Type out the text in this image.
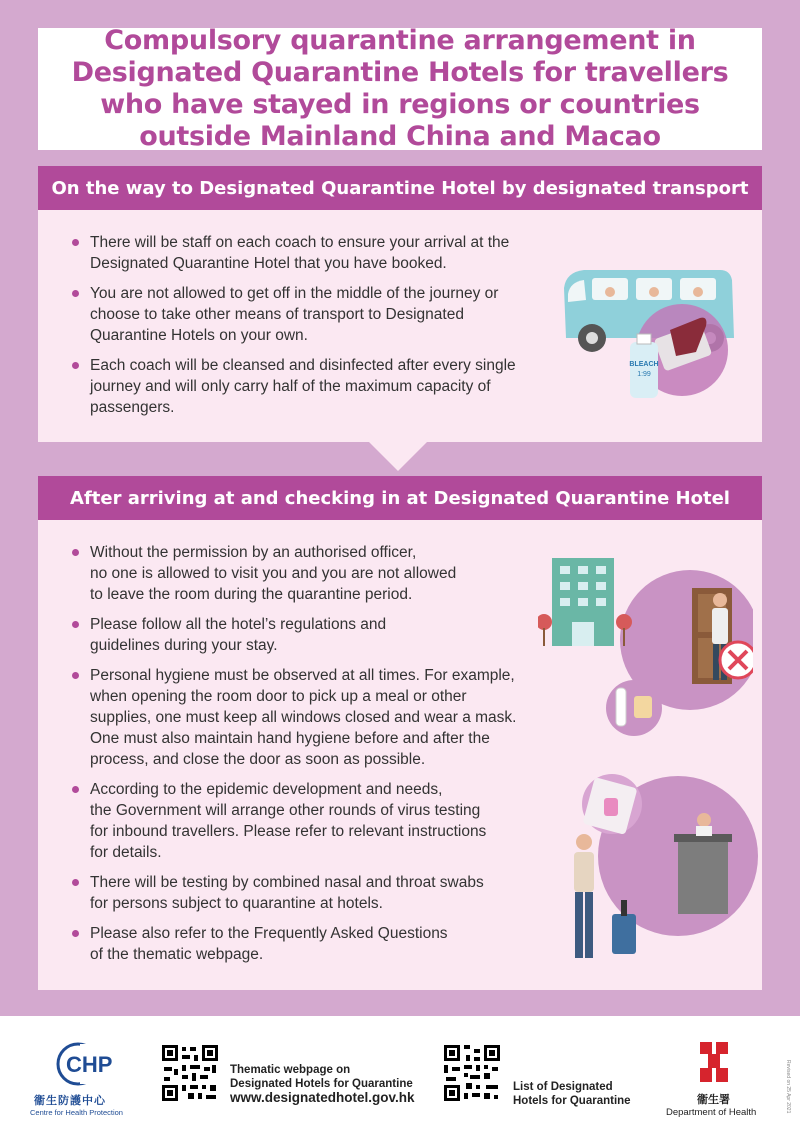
Compulsory quarantine arrangement in Designated Quarantine Hotels for travellers who have stayed in regions or countries outside Mainland China and Macao
On the way to Designated Quarantine Hotel by designated transport
There will be staff on each coach to ensure your arrival at the
Designated Quarantine Hotel that you have booked.
You are not allowed to get off in the middle of the journey or
choose to take other means of transport to Designated
Quarantine Hotels on your own.
Each coach will be cleansed and disinfected after every single
journey and will only carry half of the maximum capacity of
passengers.
BLEACH
1:99
After arriving at and checking in at Designated Quarantine Hotel
Without the permission by an authorised officer,
no one is allowed to visit you and you are not allowed
to leave the room during the quarantine period.
Please follow all the hotel’s regulations and
guidelines during your stay.
Personal hygiene must be observed at all times. For example,
when opening the room door to pick up a meal or other
supplies, one must keep all windows closed and wear a mask.
One must also maintain hand hygiene before and after the
process, and close the door as soon as possible.
According to the epidemic development and needs,
the Government will arrange other rounds of virus testing
for inbound travellers. Please refer to relevant instructions
for details.
There will be testing by combined nasal and throat swabs
for persons subject to quarantine at hotels.
Please also refer to the Frequently Asked Questions
of the thematic webpage.
CHP
衞生防護中心
Centre for Health Protection
Thematic webpage on
Designated Hotels for Quarantine
www.designatedhotel.gov.hk
List of Designated
Hotels for Quarantine	衞生署
Department of Health	Revised on 25 Apr 2021
